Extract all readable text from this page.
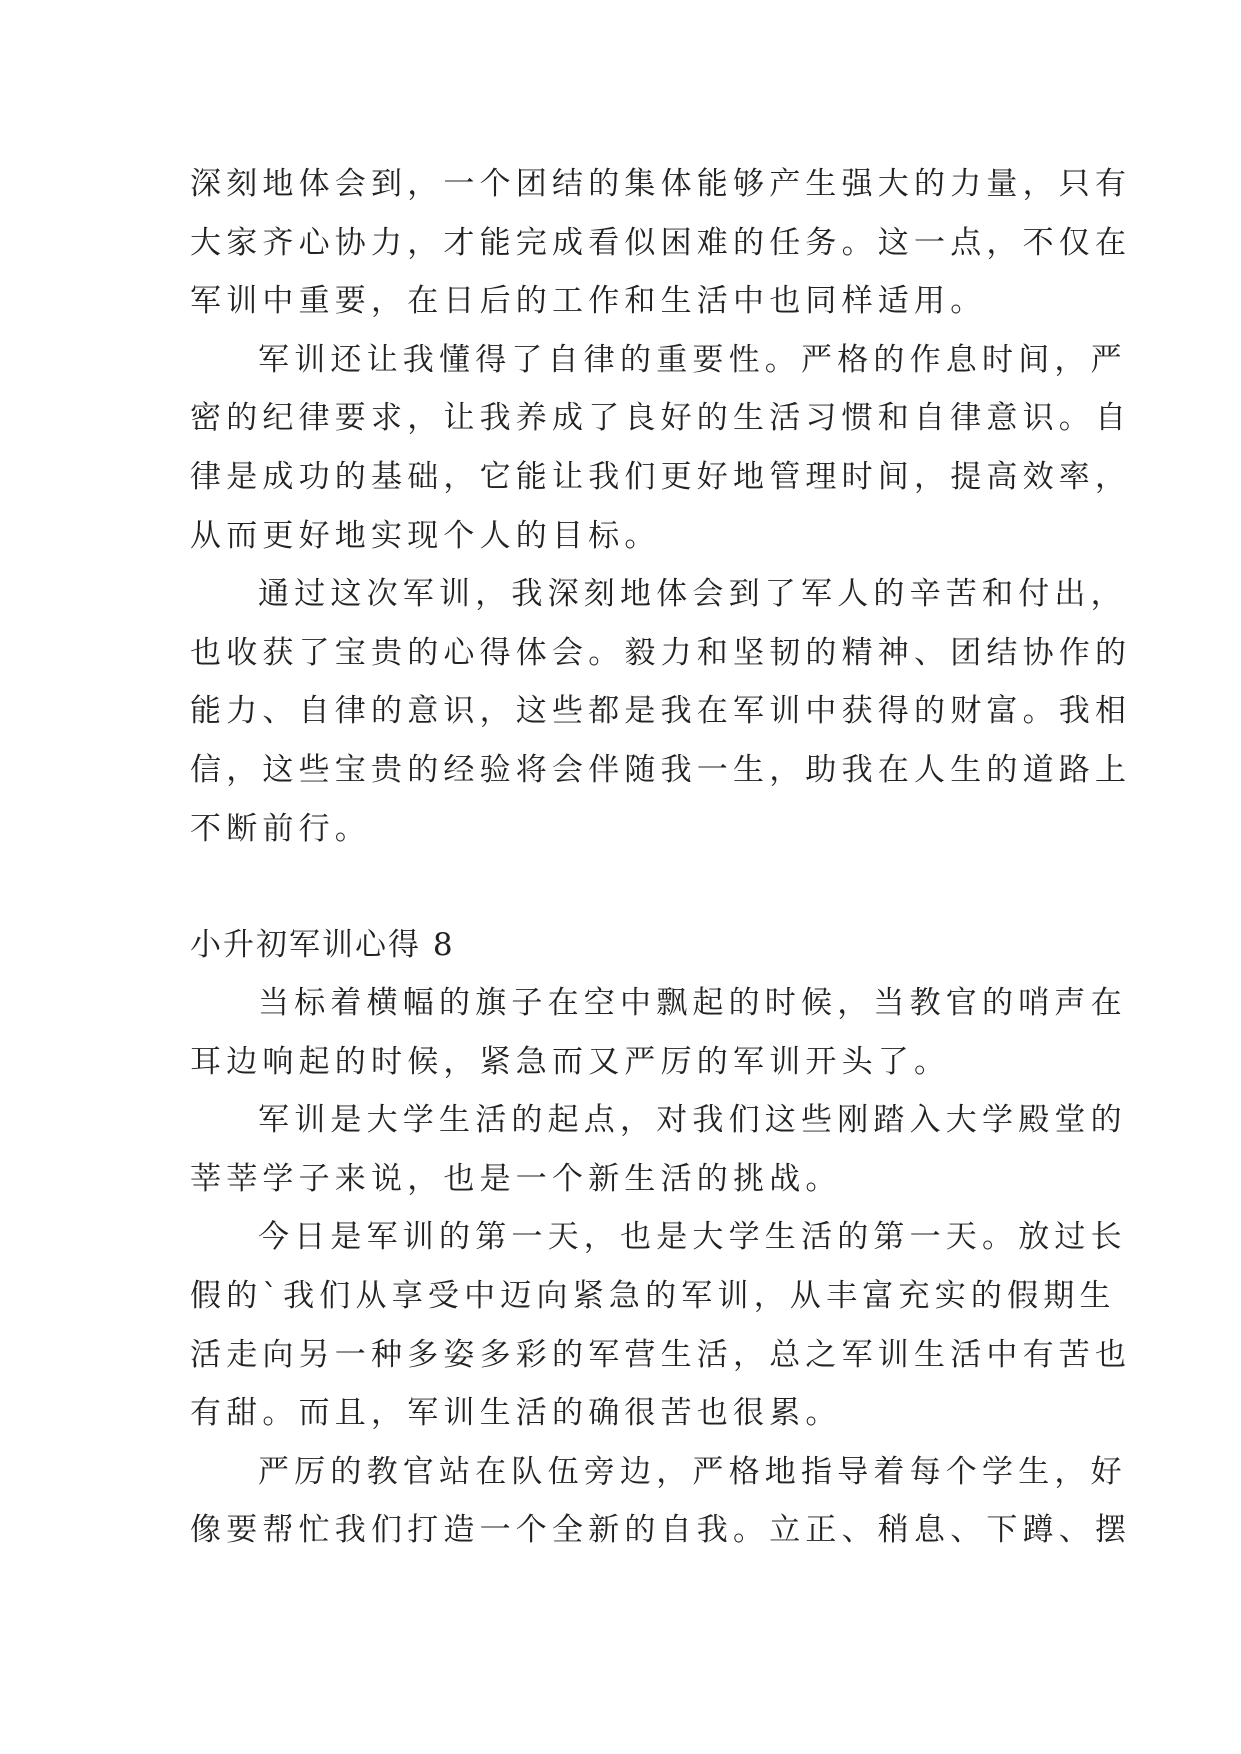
深刻地体会到，一个团结的集体能够产生强大的力量，只有
大家齐心协力，才能完成看似困难的任务。这一点，不仅在
军训中重要，在日后的工作和生活中也同样适用。
军训还让我懂得了自律的重要性。严格的作息时间，严
密的纪律要求，让我养成了良好的生活习惯和自律意识。自
律是成功的基础，它能让我们更好地管理时间，提高效率，
从而更好地实现个人的目标。
通过这次军训，我深刻地体会到了军人的辛苦和付出，
也收获了宝贵的心得体会。毅力和坚韧的精神、团结协作的
能力、自律的意识，这些都是我在军训中获得的财富。我相
信，这些宝贵的经验将会伴随我一生，助我在人生的道路上
不断前行。
小升初军训心得 8
当标着横幅的旗子在空中飘起的时候，当教官的哨声在
耳边响起的时候，紧急而又严厉的军训开头了。
军训是大学生活的起点，对我们这些刚踏入大学殿堂的
莘莘学子来说，也是一个新生活的挑战。
今日是军训的第一天，也是大学生活的第一天。放过长
假的`我们从享受中迈向紧急的军训，从丰富充实的假期生
活走向另一种多姿多彩的军营生活，总之军训生活中有苦也
有甜。而且，军训生活的确很苦也很累。
严厉的教官站在队伍旁边，严格地指导着每个学生，好
像要帮忙我们打造一个全新的自我。立正、稍息、下蹲、摆
